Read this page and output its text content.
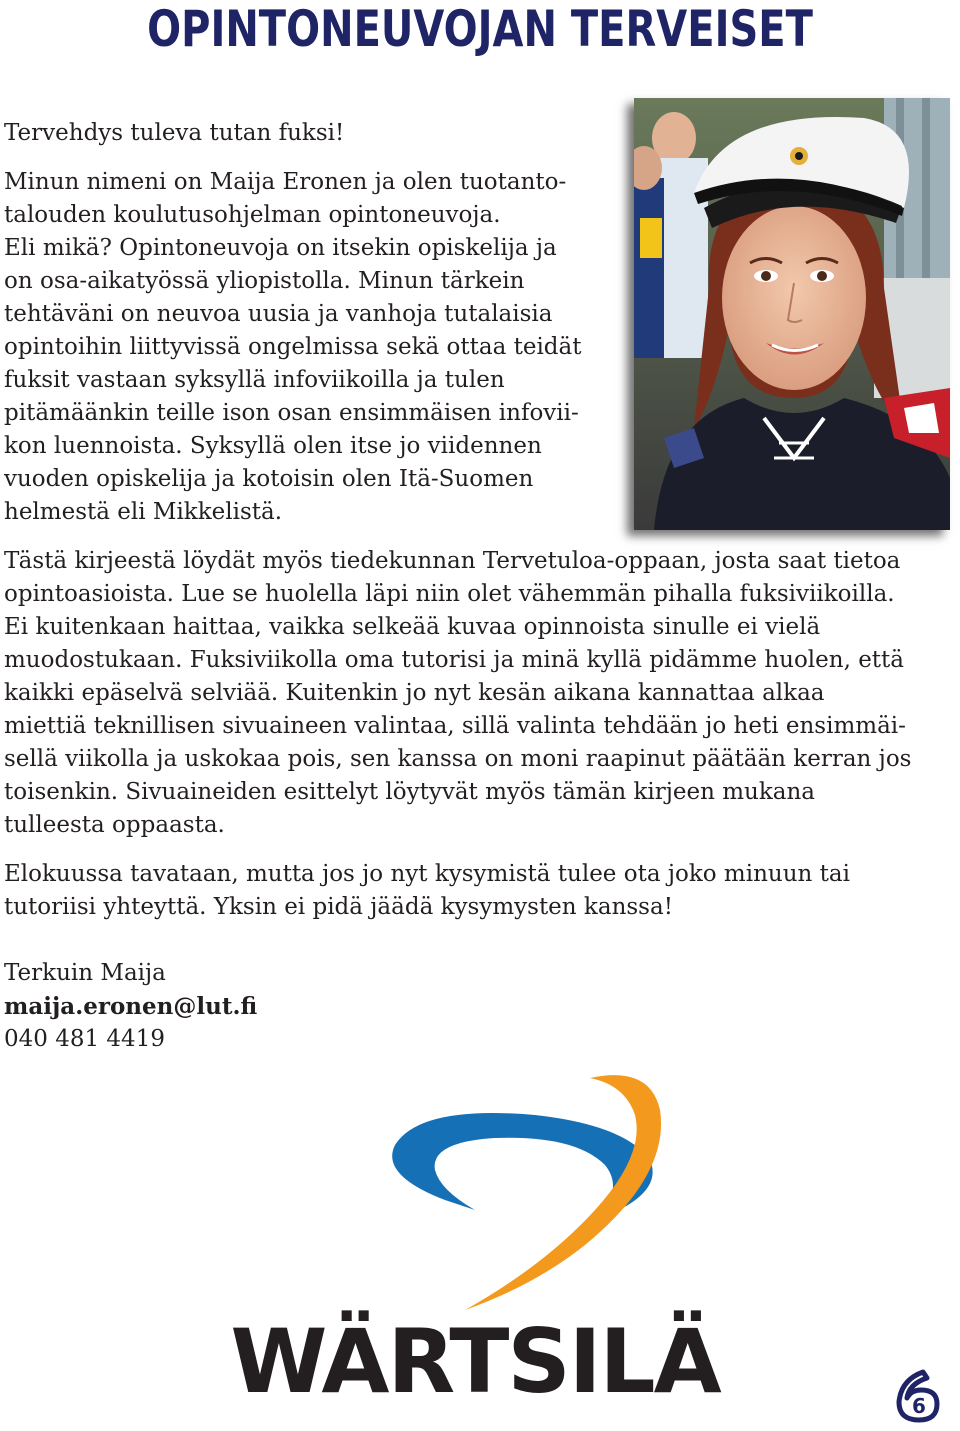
OPINTONEUVOJAN TERVEISET
Tervehdys tuleva tutan fuksi!
Minun nimeni on Maija Eronen ja olen tuotanto-
talouden koulutusohjelman opintoneuvoja.
Eli mikä? Opintoneuvoja on itsekin opiskelija ja
on osa-aikatyössä yliopistolla. Minun tärkein
tehtäväni on neuvoa uusia ja vanhoja tutalaisia
opintoihin liittyvissä ongelmissa sekä ottaa teidät
fuksit vastaan syksyllä infoviikoilla ja tulen
pitämäänkin teille ison osan ensimmäisen infovii-
kon luennoista. Syksyllä olen itse jo viidennen
vuoden opiskelija ja kotoisin olen Itä-Suomen
helmestä eli Mikkelistä.
Tästä kirjeestä löydät myös tiedekunnan Tervetuloa-oppaan, josta saat tietoa
opintoasioista. Lue se huolella läpi niin olet vähemmän pihalla fuksiviikoilla.
Ei kuitenkaan haittaa, vaikka selkeää kuvaa opinnoista sinulle ei vielä
muodostukaan. Fuksiviikolla oma tutorisi ja minä kyllä pidämme huolen, että
kaikki epäselvä selviää. Kuitenkin jo nyt kesän aikana kannattaa alkaa
miettiä teknillisen sivuaineen valintaa, sillä valinta tehdään jo heti ensimmäi-
sellä viikolla ja uskokaa pois, sen kanssa on moni raapinut päätään kerran jos
toisenkin. Sivuaineiden esittelyt löytyvät myös tämän kirjeen mukana
tulleesta oppaasta.
Elokuussa tavataan, mutta jos jo nyt kysymistä tulee ota joko minuun tai
tutoriisi yhteyttä. Yksin ei pidä jäädä kysymysten kanssa!
Terkuin Maija
maija.eronen@lut.fi
040 481 4419
WÄRTSILÄ	6
